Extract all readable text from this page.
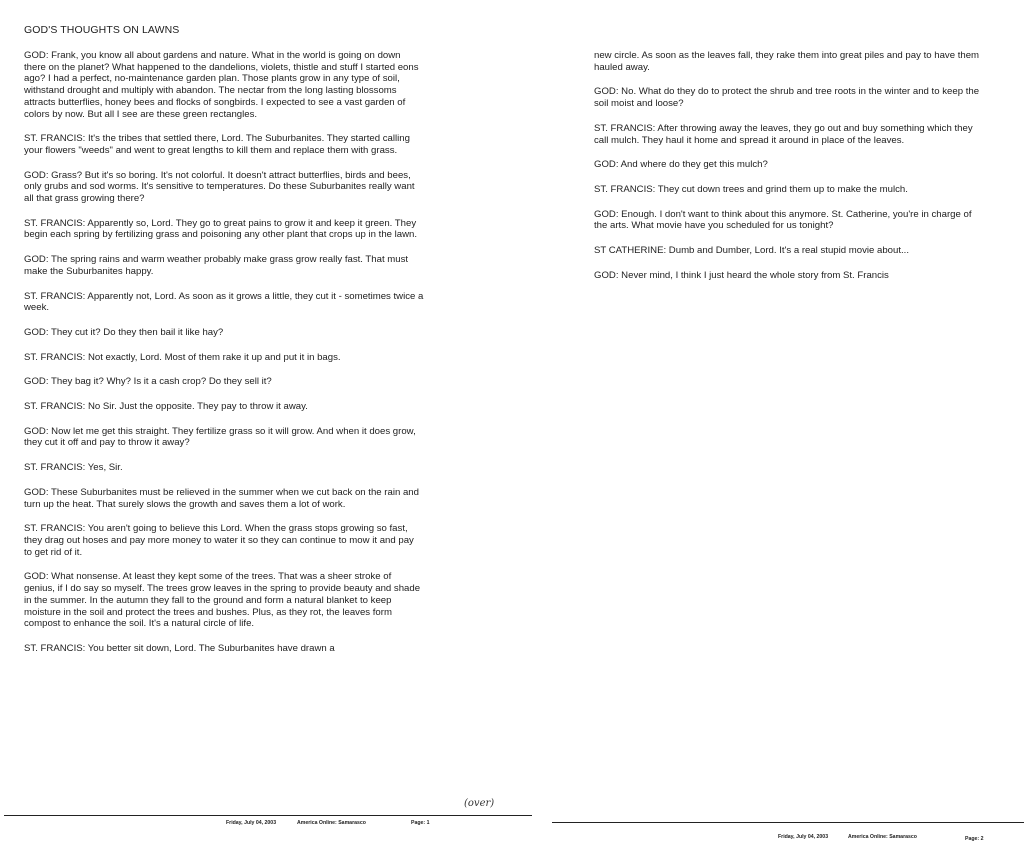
GOD'S THOUGHTS ON LAWNS

GOD: Frank, you know all about gardens and nature. What in the world is going on down there on the planet? What happened to the dandelions, violets, thistle and stuff I started eons ago? I had a perfect, no-maintenance garden plan. Those plants grow in any type of soil, withstand drought and multiply with abandon. The nectar from the long lasting blossoms attracts butterflies, honey bees and flocks of songbirds. I expected to see a vast garden of colors by now. But all I see are these green rectangles.

ST. FRANCIS: It's the tribes that settled there, Lord. The Suburbanites. They started calling your flowers "weeds" and went to great lengths to kill them and replace them with grass.

GOD: Grass? But it's so boring. It's not colorful. It doesn't attract butterflies, birds and bees, only grubs and sod worms. It's sensitive to temperatures. Do these Suburbanites really want all that grass growing there?

ST. FRANCIS: Apparently so, Lord. They go to great pains to grow it and keep it green. They begin each spring by fertilizing grass and poisoning any other plant that crops up in the lawn.

GOD: The spring rains and warm weather probably make grass grow really fast. That must make the Suburbanites happy.

ST. FRANCIS: Apparently not, Lord. As soon as it grows a little, they cut it - sometimes twice a week.

GOD: They cut it? Do they then bail it like hay?

ST. FRANCIS: Not exactly, Lord. Most of them rake it up and put it in bags.

GOD: They bag it? Why? Is it a cash crop? Do they sell it?

ST. FRANCIS: No Sir. Just the opposite. They pay to throw it away.

GOD: Now let me get this straight. They fertilize grass so it will grow. And when it does grow, they cut it off and pay to throw it away?

ST. FRANCIS: Yes, Sir.

GOD: These Suburbanites must be relieved in the summer when we cut back on the rain and turn up the heat. That surely slows the growth and saves them a lot of work.

ST. FRANCIS: You aren't going to believe this Lord. When the grass stops growing so fast, they drag out hoses and pay more money to water it so they can continue to mow it and pay to get rid of it.

GOD: What nonsense. At least they kept some of the trees. That was a sheer stroke of genius, if I do say so myself. The trees grow leaves in the spring to provide beauty and shade in the summer. In the autumn they fall to the ground and form a natural blanket to keep moisture in the soil and protect the trees and bushes. Plus, as they rot, the leaves form compost to enhance the soil. It's a natural circle of life.

ST. FRANCIS: You better sit down, Lord. The Suburbanites have drawn a

(over)
Friday, July 04, 2003	America Online: Samarasco	Page: 1

new circle. As soon as the leaves fall, they rake them into great piles and pay to have them hauled away.

GOD: No. What do they do to protect the shrub and tree roots in the winter and to keep the soil moist and loose?

ST. FRANCIS: After throwing away the leaves, they go out and buy something which they call mulch. They haul it home and spread it around in place of the leaves.

GOD: And where do they get this mulch?

ST. FRANCIS: They cut down trees and grind them up to make the mulch.

GOD: Enough. I don't want to think about this anymore. St. Catherine, you're in charge of the arts. What movie have you scheduled for us tonight?

ST CATHERINE: Dumb and Dumber, Lord. It's a real stupid movie about...

GOD: Never mind, I think I just heard the whole story from St. Francis

Friday, July 04, 2003	America Online: Samarasco	Page: 2
